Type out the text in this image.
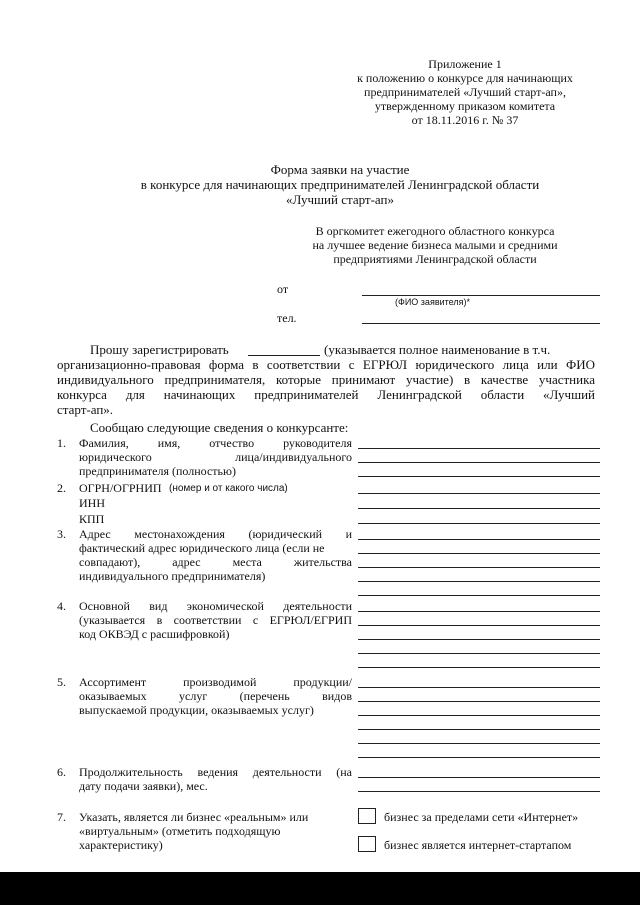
Приложение 1
к положению о конкурсе для начинающих
предпринимателей «Лучший старт-ап»,
утвержденному приказом комитета
от 18.11.2016 г. № 37
Форма заявки на участие
в конкурсе для начинающих предпринимателей Ленинградской области
«Лучший старт-ап»
В оргкомитет ежегодного областного конкурса
на лучшее ведение бизнеса малыми и средними
предприятиями Ленинградской области
от
(ФИО заявителя)*
тел.
Прошу зарегистрировать	(указывается полное наименование в т.ч.
организационно-правовая форма в соответствии с ЕГРЮЛ юридического лица или ФИО
индивидуального предпринимателя, которые принимают участие) в качестве участника
конкурса для начинающих предпринимателей Ленинградской области «Лучший
старт-ап».
Сообщаю следующие сведения о конкурсанте:
1. Фамилия, имя, отчество руководителя
юридического лица/индивидуального
предпринимателя (полностью)
2. ОГРН/ОГРНИП (номер и от какого числа)
ИНН
КПП
3. Адрес местонахождения (юридический и
фактический адрес юридического лица (если не
совпадают), адрес места жительства
индивидуального предпринимателя)
4. Основной вид экономической деятельности
(указывается в соответствии с ЕГРЮЛ/ЕГРИП
код ОКВЭД с расшифровкой)
5. Ассортимент производимой продукции/
оказываемых услуг (перечень видов
выпускаемой продукции, оказываемых услуг)
6. Продолжительность ведения деятельности (на
дату подачи заявки), мес.
7. Указать, является ли бизнес «реальным» или
«виртуальным» (отметить подходящую
характеристику)
бизнес за пределами сети «Интернет»
бизнес является интернет-стартапом
